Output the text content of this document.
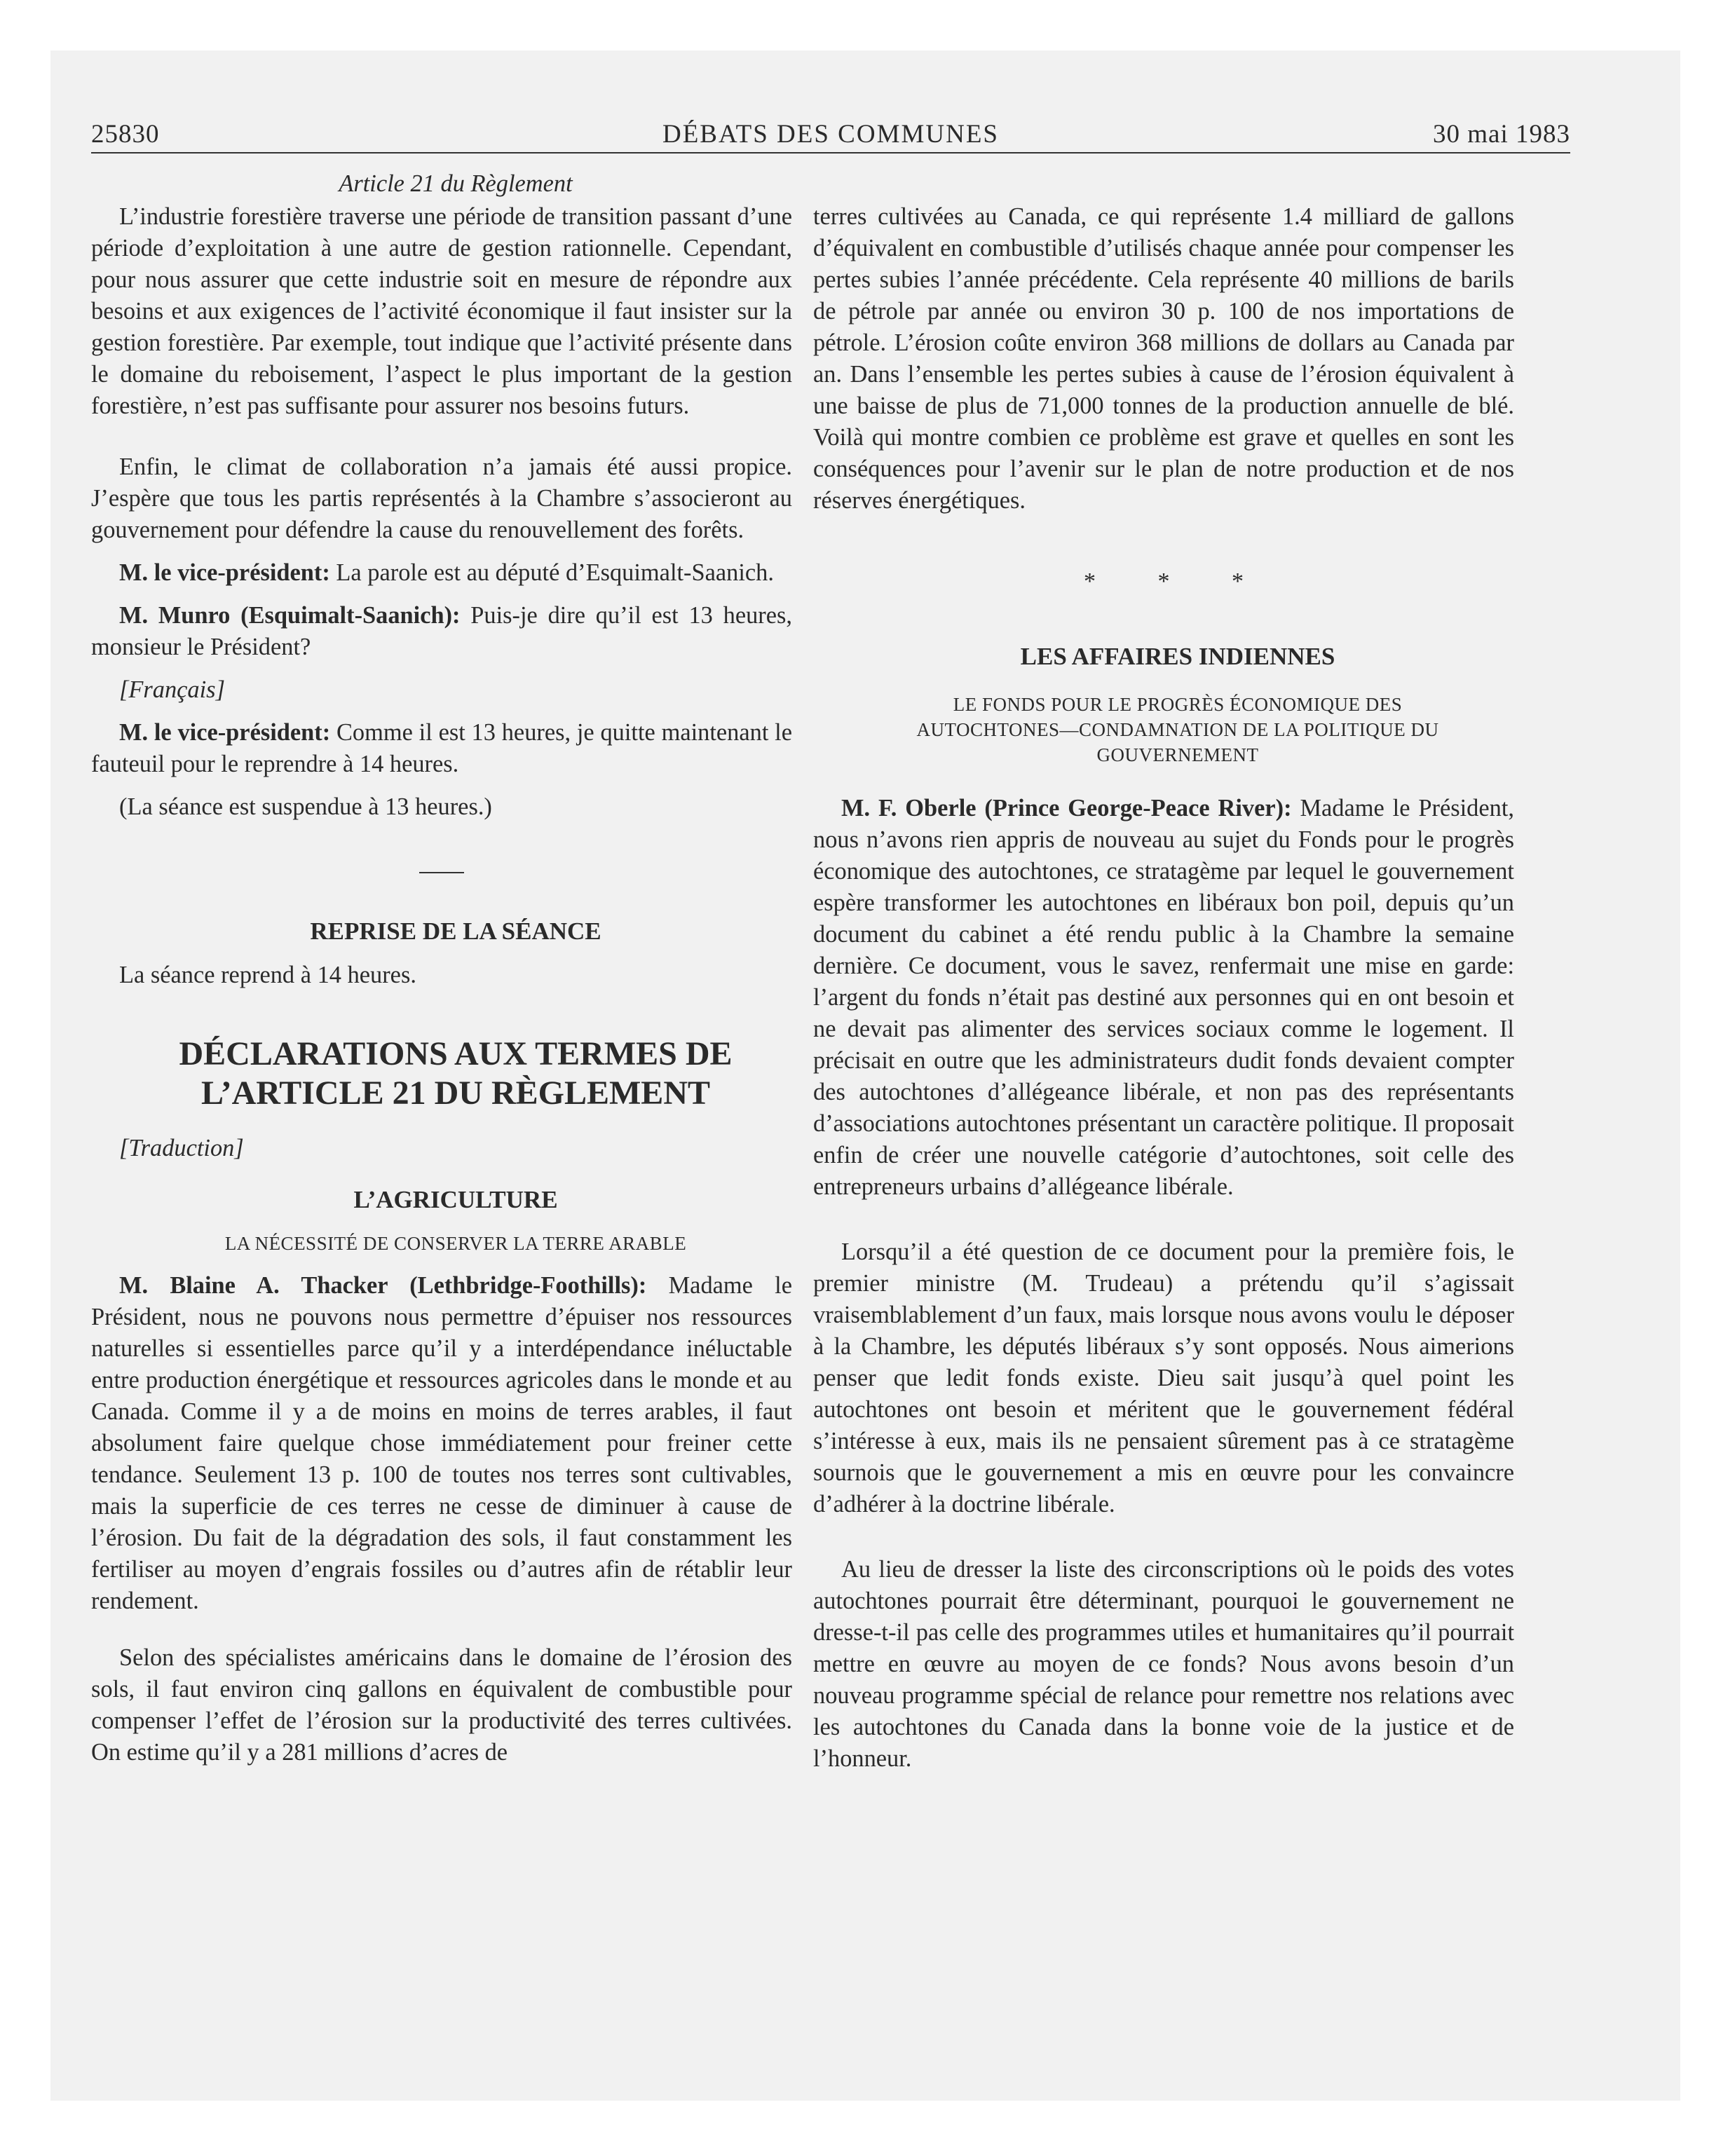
25830	DÉBATS DES COMMUNES	30 mai 1983

Article 21 du Règlement

L’industrie forestière traverse une période de transition passant d’une période d’exploitation à une autre de gestion rationnelle. Cependant, pour nous assurer que cette industrie soit en mesure de répondre aux besoins et aux exigences de l’activité économique il faut insister sur la gestion forestière. Par exemple, tout indique que l’activité présente dans le domaine du reboisement, l’aspect le plus important de la gestion forestière, n’est pas suffisante pour assurer nos besoins futurs.

Enfin, le climat de collaboration n’a jamais été aussi propice. J’espère que tous les partis représentés à la Chambre s’associeront au gouvernement pour défendre la cause du renouvellement des forêts.

M. le vice-président: La parole est au député d’Esquimalt-Saanich.

M. Munro (Esquimalt-Saanich): Puis-je dire qu’il est 13 heures, monsieur le Président?

[Français]

M. le vice-président: Comme il est 13 heures, je quitte maintenant le fauteuil pour le reprendre à 14 heures.

(La séance est suspendue à 13 heures.)

REPRISE DE LA SÉANCE

La séance reprend à 14 heures.

DÉCLARATIONS AUX TERMES DE

L’ARTICLE 21 DU RÈGLEMENT

[Traduction]

L’AGRICULTURE

LA NÉCESSITÉ DE CONSERVER LA TERRE ARABLE

M. Blaine A. Thacker (Lethbridge-Foothills): Madame le Président, nous ne pouvons nous permettre d’épuiser nos ressources naturelles si essentielles parce qu’il y a interdépendance inéluctable entre production énergétique et ressources agricoles dans le monde et au Canada. Comme il y a de moins en moins de terres arables, il faut absolument faire quelque chose immédiatement pour freiner cette tendance. Seulement 13 p. 100 de toutes nos terres sont cultivables, mais la superficie de ces terres ne cesse de diminuer à cause de l’érosion. Du fait de la dégradation des sols, il faut constamment les fertiliser au moyen d’engrais fossiles ou d’autres afin de rétablir leur rendement.

Selon des spécialistes américains dans le domaine de l’érosion des sols, il faut environ cinq gallons en équivalent de combustible pour compenser l’effet de l’érosion sur la productivité des terres cultivées. On estime qu’il y a 281 millions d’acres de

terres cultivées au Canada, ce qui représente 1.4 milliard de gallons d’équivalent en combustible d’utilisés chaque année pour compenser les pertes subies l’année précédente. Cela représente 40 millions de barils de pétrole par année ou environ 30 p. 100 de nos importations de pétrole. L’érosion coûte environ 368 millions de dollars au Canada par an. Dans l’ensemble les pertes subies à cause de l’érosion équivalent à une baisse de plus de 71,000 tonnes de la production annuelle de blé. Voilà qui montre combien ce problème est grave et quelles en sont les conséquences pour l’avenir sur le plan de notre production et de nos réserves énergétiques.

* * *

LES AFFAIRES INDIENNES

LE FONDS POUR LE PROGRÈS ÉCONOMIQUE DES

AUTOCHTONES—CONDAMNATION DE LA POLITIQUE DU

GOUVERNEMENT

M. F. Oberle (Prince George-Peace River): Madame le Président, nous n’avons rien appris de nouveau au sujet du Fonds pour le progrès économique des autochtones, ce stratagème par lequel le gouvernement espère transformer les autochtones en libéraux bon poil, depuis qu’un document du cabinet a été rendu public à la Chambre la semaine dernière. Ce document, vous le savez, renfermait une mise en garde: l’argent du fonds n’était pas destiné aux personnes qui en ont besoin et ne devait pas alimenter des services sociaux comme le logement. Il précisait en outre que les administrateurs dudit fonds devaient compter des autochtones d’allégeance libérale, et non pas des représentants d’associations autochtones présentant un caractère politique. Il proposait enfin de créer une nouvelle catégorie d’autochtones, soit celle des entrepreneurs urbains d’allégeance libérale.

Lorsqu’il a été question de ce document pour la première fois, le premier ministre (M. Trudeau) a prétendu qu’il s’agissait vraisemblablement d’un faux, mais lorsque nous avons voulu le déposer à la Chambre, les députés libéraux s’y sont opposés. Nous aimerions penser que ledit fonds existe. Dieu sait jusqu’à quel point les autochtones ont besoin et méritent que le gouvernement fédéral s’intéresse à eux, mais ils ne pensaient sûrement pas à ce stratagème sournois que le gouvernement a mis en œuvre pour les convaincre d’adhérer à la doctrine libérale.

Au lieu de dresser la liste des circonscriptions où le poids des votes autochtones pourrait être déterminant, pourquoi le gouvernement ne dresse-t-il pas celle des programmes utiles et humanitaires qu’il pourrait mettre en œuvre au moyen de ce fonds? Nous avons besoin d’un nouveau programme spécial de relance pour remettre nos relations avec les autochtones du Canada dans la bonne voie de la justice et de l’honneur.
